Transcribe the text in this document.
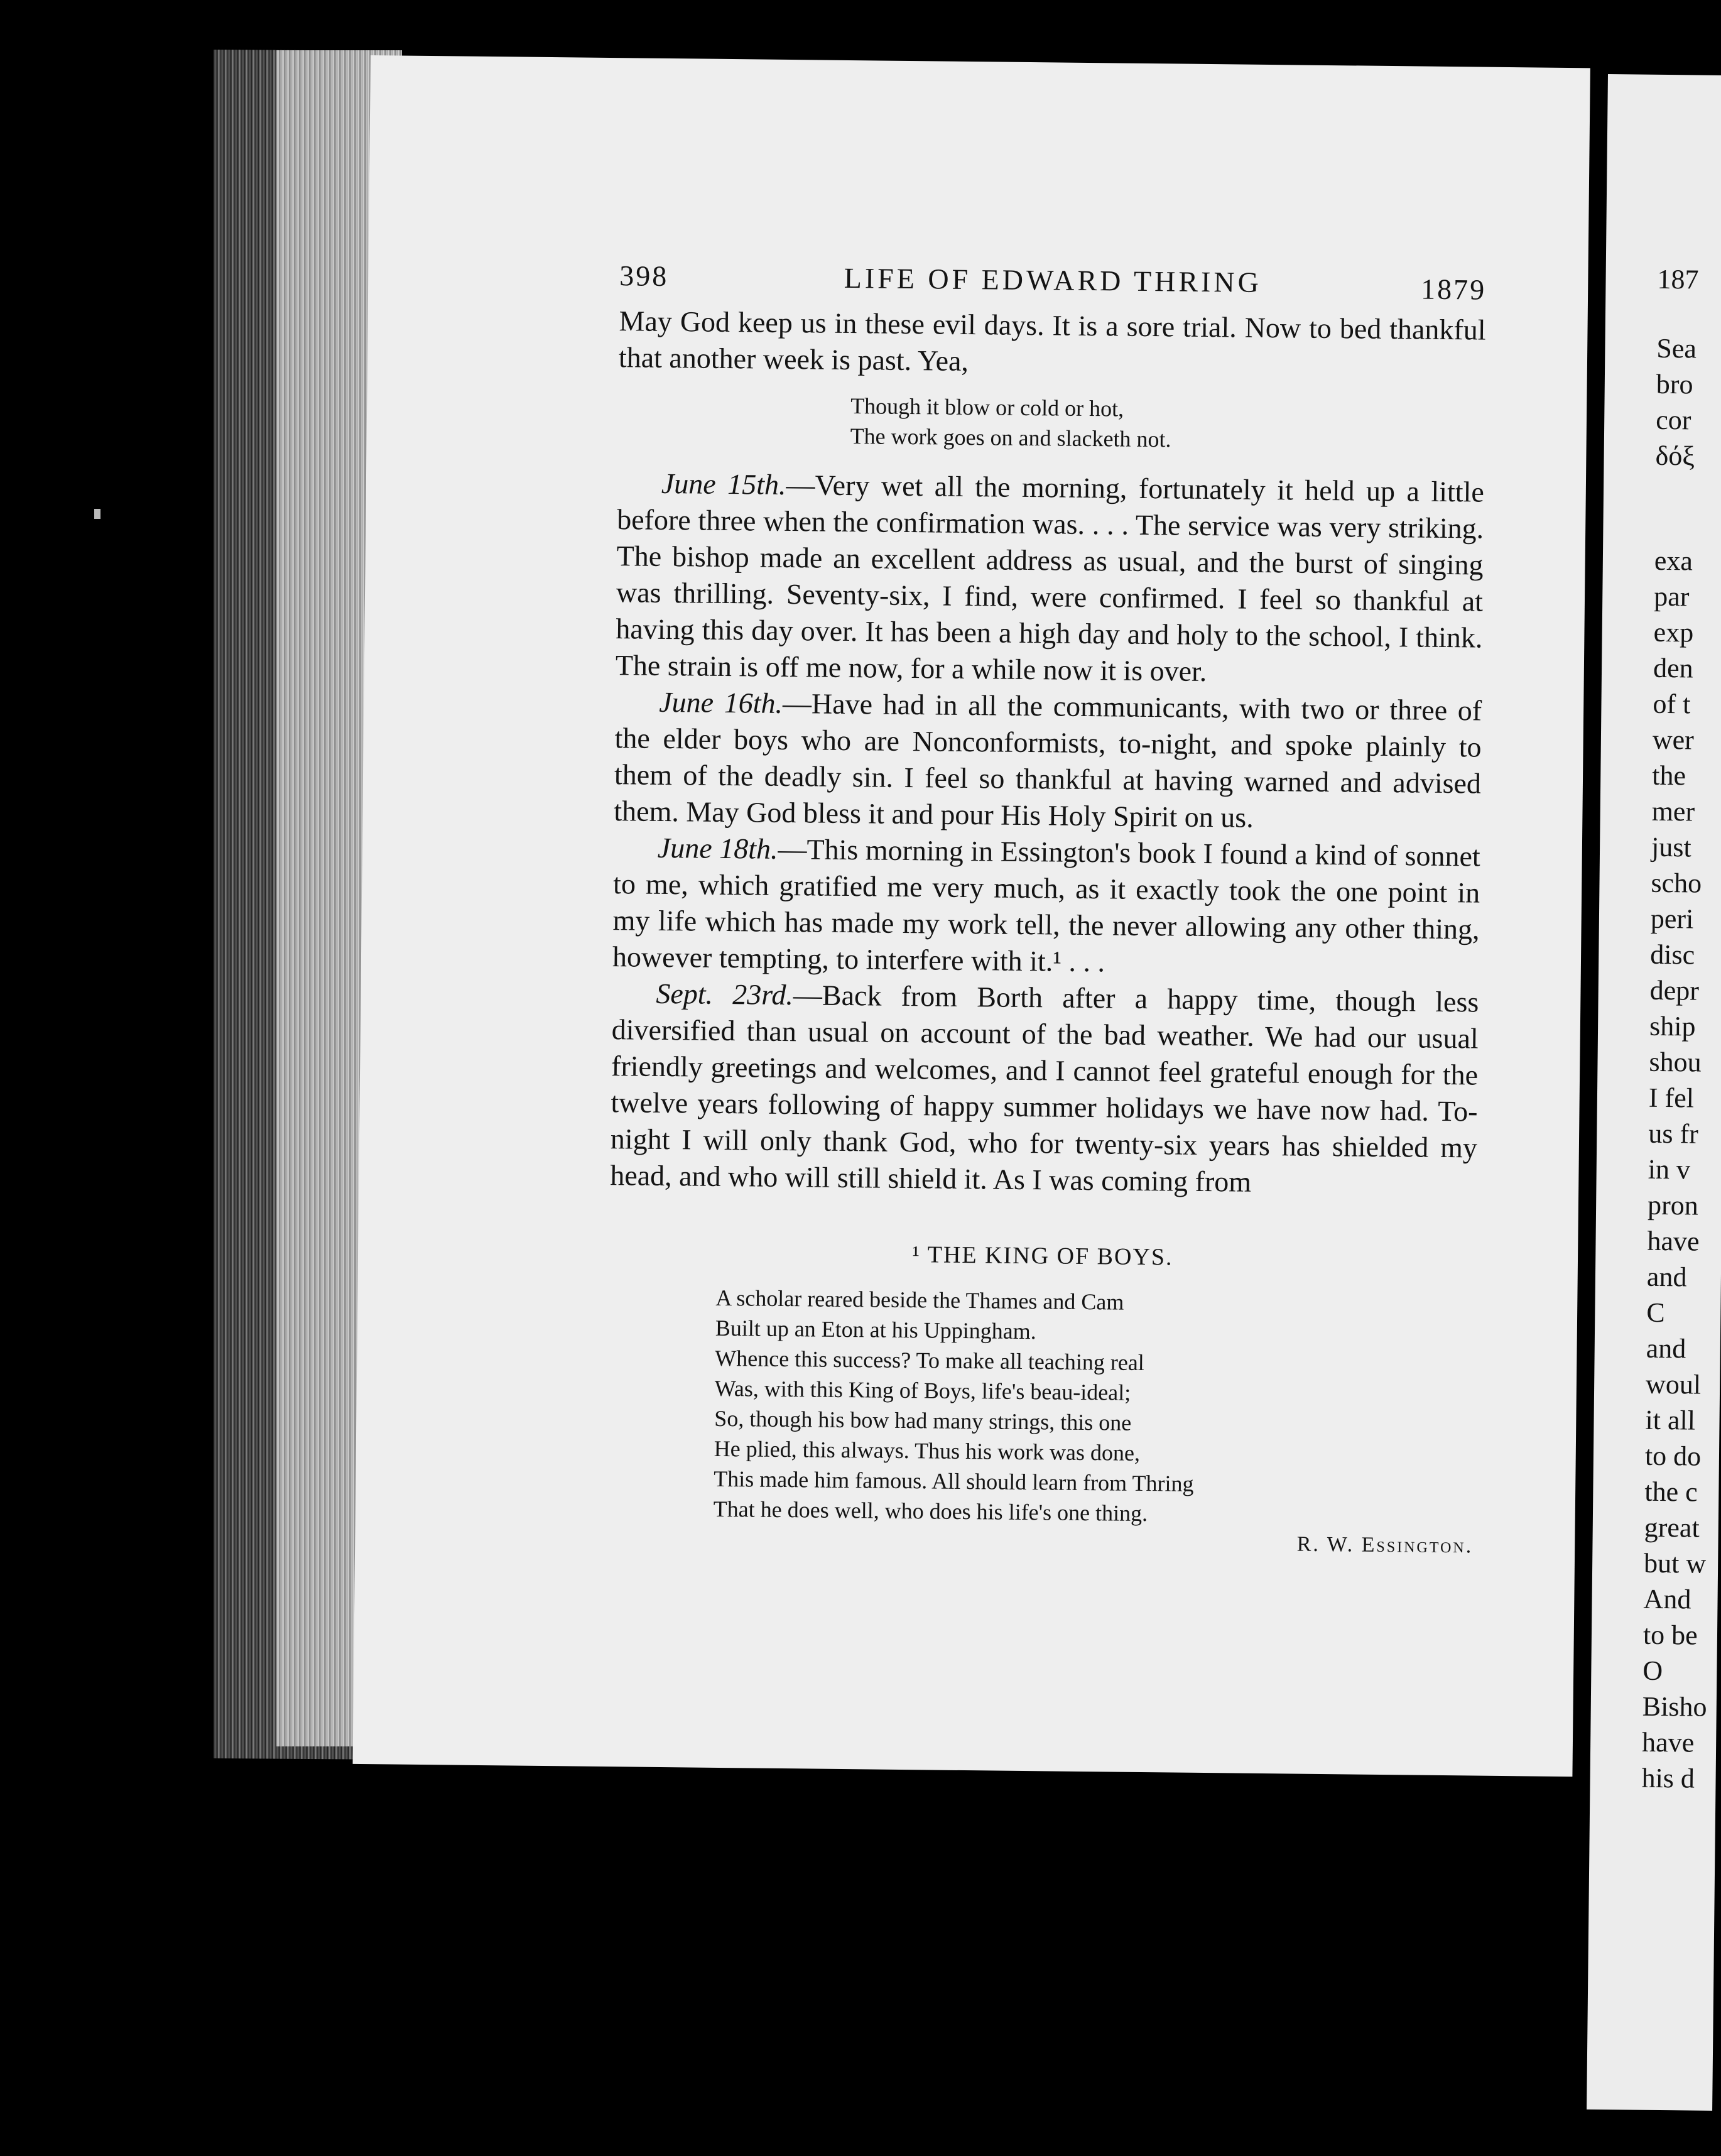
398	LIFE OF EDWARD THRING	1879

May God keep us in these evil days. It is a sore trial. Now to bed thankful that another week is past. Yea,

Though it blow or cold or hot,
The work goes on and slacketh not.

June 15th.—Very wet all the morning, fortunately it held up a little before three when the confirmation was. . . . The service was very striking. The bishop made an excellent address as usual, and the burst of singing was thrilling. Seventy-six, I find, were confirmed. I feel so thankful at having this day over. It has been a high day and holy to the school, I think. The strain is off me now, for a while now it is over.

June 16th.—Have had in all the communicants, with two or three of the elder boys who are Nonconformists, to-night, and spoke plainly to them of the deadly sin. I feel so thankful at having warned and advised them. May God bless it and pour His Holy Spirit on us.

June 18th.—This morning in Essington's book I found a kind of sonnet to me, which gratified me very much, as it exactly took the one point in my life which has made my work tell, the never allowing any other thing, however tempting, to interfere with it.¹ . . .

Sept. 23rd.—Back from Borth after a happy time, though less diversified than usual on account of the bad weather. We had our usual friendly greetings and welcomes, and I cannot feel grateful enough for the twelve years following of happy summer holidays we have now had. To-night I will only thank God, who for twenty-six years has shielded my head, and who will still shield it. As I was coming from

¹ THE KING OF BOYS.
A scholar reared beside the Thames and Cam
Built up an Eton at his Uppingham.
Whence this success? To make all teaching real
Was, with this King of Boys, life's beau-ideal;
So, though his bow had many strings, this one
He plied, this always. Thus his work was done,
This made him famous. All should learn from Thring
That he does well, who does his life's one thing.
R. W. Essington.
187
Sea
bro
cor
δόξ
exa
par
exp
den
of t
wer
the
mer
just
scho
peri
disc
depr
ship
shou
I fel
us fr
in v
pron
have
and
C
and
woul
it all
to do
the c
great
but w
And
to be
O
Bisho
have
his d
